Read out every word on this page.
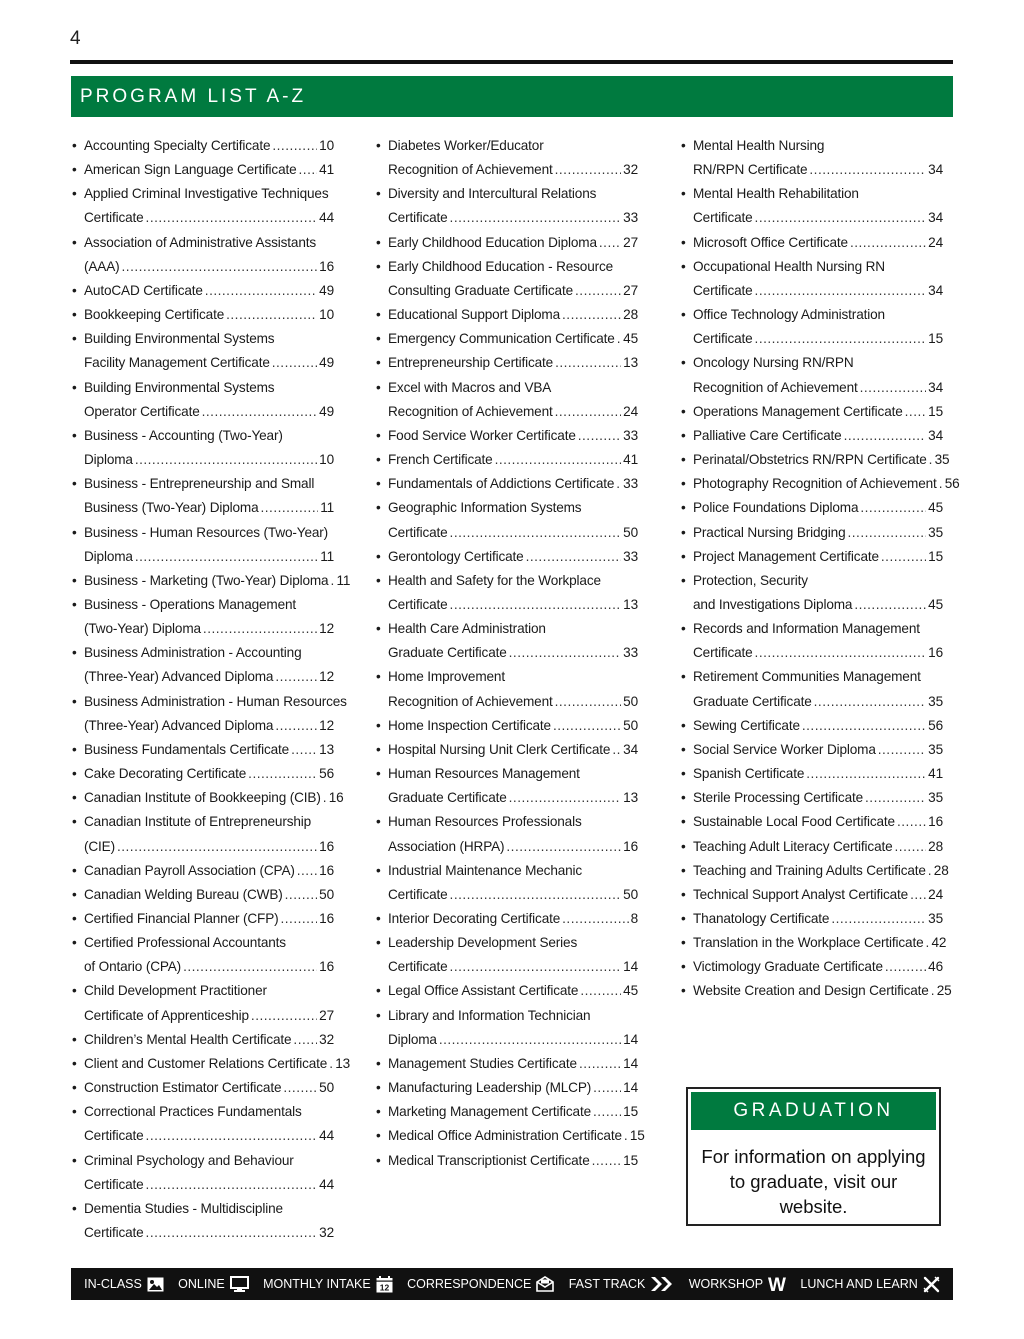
4
PROGRAM LIST A-Z
• Accounting Specialty Certificate .....	10
• American Sign Language Certificate ..... 41
• Applied Criminal Investigative Techniques
Certificate .....	44
• Association of Administrative Assistants
(AAA) .....	16
• AutoCAD Certificate .....	49
• Bookkeeping Certificate .....	10
• Building Environmental Systems
Facility Management Certificate .....	49
• Building Environmental Systems
Operator Certificate .....	49
• Business - Accounting (Two-Year)
Diploma .....	10
• Business - Entrepreneurship and Small
Business (Two-Year) Diploma .....	11
• Business - Human Resources (Two-Year)
Diploma .....	11
• Business - Marketing (Two-Year) Diploma ..... 11
• Business - Operations Management
(Two-Year) Diploma .....	12
• Business Administration - Accounting
(Three-Year) Advanced Diploma .....	12
• Business Administration - Human Resources
(Three-Year) Advanced Diploma .....	12
• Business Fundamentals Certificate ..... 13
• Cake Decorating Certificate .....	56
• Canadian Institute of Bookkeeping (CIB) ..... 16
• Canadian Institute of Entrepreneurship
(CIE) .....	16
• Canadian Payroll Association (CPA) ..... 16
• Canadian Welding Bureau (CWB) .....	50
• Certified Financial Planner (CFP) .....	16
• Certified Professional Accountants
of Ontario (CPA) .....	16
• Child Development Practitioner
Certificate of Apprenticeship .....	27
• Children’s Mental Health Certificate ..... 32
• Client and Customer Relations Certificate ..... 13
• Construction Estimator Certificate .....	50
• Correctional Practices Fundamentals
Certificate .....	44
• Criminal Psychology and Behaviour
Certificate .....	44
• Dementia Studies - Multidiscipline
Certificate .....	32
• Diabetes Worker/Educator
Recognition of Achievement .....	32
• Diversity and Intercultural Relations
Certificate .....	33
• Early Childhood Education Diploma ..... 27
• Early Childhood Education - Resource
Consulting Graduate Certificate .....	27
• Educational Support Diploma .....	28
• Emergency Communication Certificate ..... 45
• Entrepreneurship Certificate .....	13
• Excel with Macros and VBA
Recognition of Achievement .....	24
• Food Service Worker Certificate .....	33
• French Certificate .....	41
• Fundamentals of Addictions Certificate ..... 33
• Geographic Information Systems
Certificate .....	50
• Gerontology Certificate .....	33
• Health and Safety for the Workplace
Certificate .....	13
• Health Care Administration
Graduate Certificate .....	33
• Home Improvement
Recognition of Achievement .....	50
• Home Inspection Certificate .....	50
• Hospital Nursing Unit Clerk Certificate ..... 34
• Human Resources Management
Graduate Certificate .....	13
• Human Resources Professionals
Association (HRPA) .....	16
• Industrial Maintenance Mechanic
Certificate .....	50
• Interior Decorating Certificate .....	8
• Leadership Development Series
Certificate .....	14
• Legal Office Assistant Certificate .....	45
• Library and Information Technician
Diploma .....	14
• Management Studies Certificate .....	14
• Manufacturing Leadership (MLCP) ..... 14
• Marketing Management Certificate ..... 15
• Medical Office Administration Certificate ..... 15
• Medical Transcriptionist Certificate ..... 15
• Mental Health Nursing
RN/RPN Certificate .....	34
• Mental Health Rehabilitation
Certificate .....	34
• Microsoft Office Certificate .....	24
• Occupational Health Nursing RN
Certificate .....	34
• Office Technology Administration
Certificate .....	15
• Oncology Nursing RN/RPN
Recognition of Achievement .....	34
• Operations Management Certificate ..... 15
• Palliative Care Certificate .....	34
• Perinatal/Obstetrics RN/RPN Certificate ..... 35
• Photography Recognition of Achievement ..... 56
• Police Foundations Diploma .....	45
• Practical Nursing Bridging .....	35
• Project Management Certificate .....	15
• Protection, Security
and Investigations Diploma .....	45
• Records and Information Management
Certificate .....	16
• Retirement Communities Management
Graduate Certificate .....	35
• Sewing Certificate .....	56
• Social Service Worker Diploma .....	35
• Spanish Certificate .....	41
• Sterile Processing Certificate .....	35
• Sustainable Local Food Certificate ..... 16
• Teaching Adult Literacy Certificate .....	28
• Teaching and Training Adults Certificate ..... 28
• Technical Support Analyst Certificate ..... 24
• Thanatology Certificate .....	35
• Translation in the Workplace Certificate ..... 42
• Victimology Graduate Certificate .....	46
• Website Creation and Design Certificate ..... 25
GRADUATION
For information on applying to graduate, visit our website.
IN-CLASS	ONLINE	MONTHLY INTAKE 12 CORRESPONDENCE	FAST TRACK	WORKSHOP W LUNCH AND LEARN
